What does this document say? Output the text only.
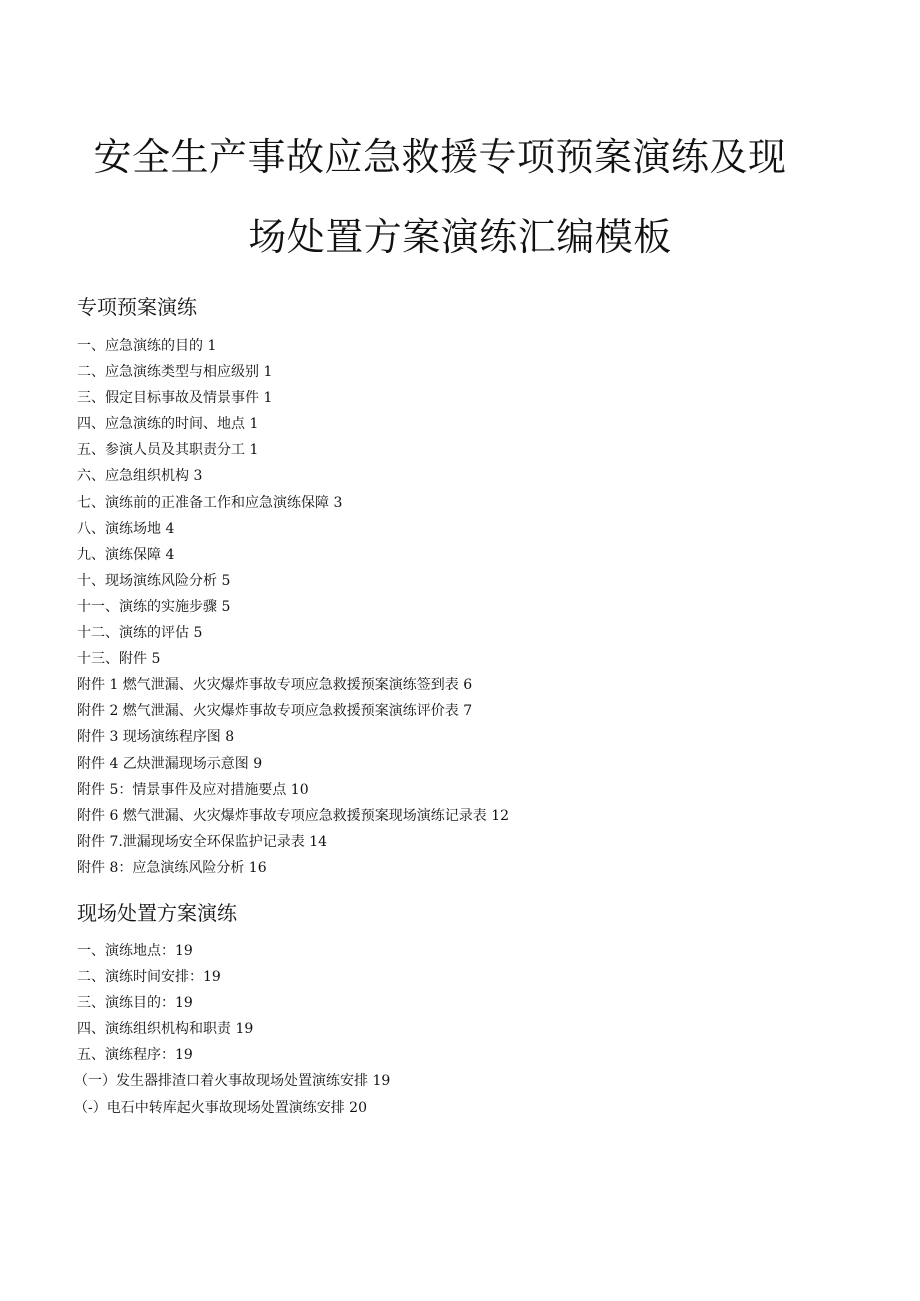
安全生产事故应急救援专项预案演练及现
场处置方案演练汇编模板
专项预案演练
一、应急演练的目的 1
二、应急演练类型与相应级别 1
三、假定目标事故及情景事件 1
四、应急演练的时间、地点 1
五、参演人员及其职责分工 1
六、应急组织机构 3
七、演练前的正准备工作和应急演练保障 3
八、演练场地 4
九、演练保障 4
十、现场演练风险分析 5
十一、演练的实施步骤 5
十二、演练的评估 5
十三、附件 5
附件 1 燃气泄漏、火灾爆炸事故专项应急救援预案演练签到表 6
附件 2 燃气泄漏、火灾爆炸事故专项应急救援预案演练评价表 7
附件 3 现场演练程序图 8
附件 4 乙炔泄漏现场示意图 9
附件 5：情景事件及应对措施要点 10
附件 6 燃气泄漏、火灾爆炸事故专项应急救援预案现场演练记录表 12
附件 7.泄漏现场安全环保监护记录表 14
附件 8：应急演练风险分析 16
现场处置方案演练
一、演练地点：19
二、演练时间安排：19
三、演练目的：19
四、演练组织机构和职责 19
五、演练程序：19
（一）发生器排渣口着火事故现场处置演练安排 19
（-）电石中转库起火事故现场处置演练安排 20
